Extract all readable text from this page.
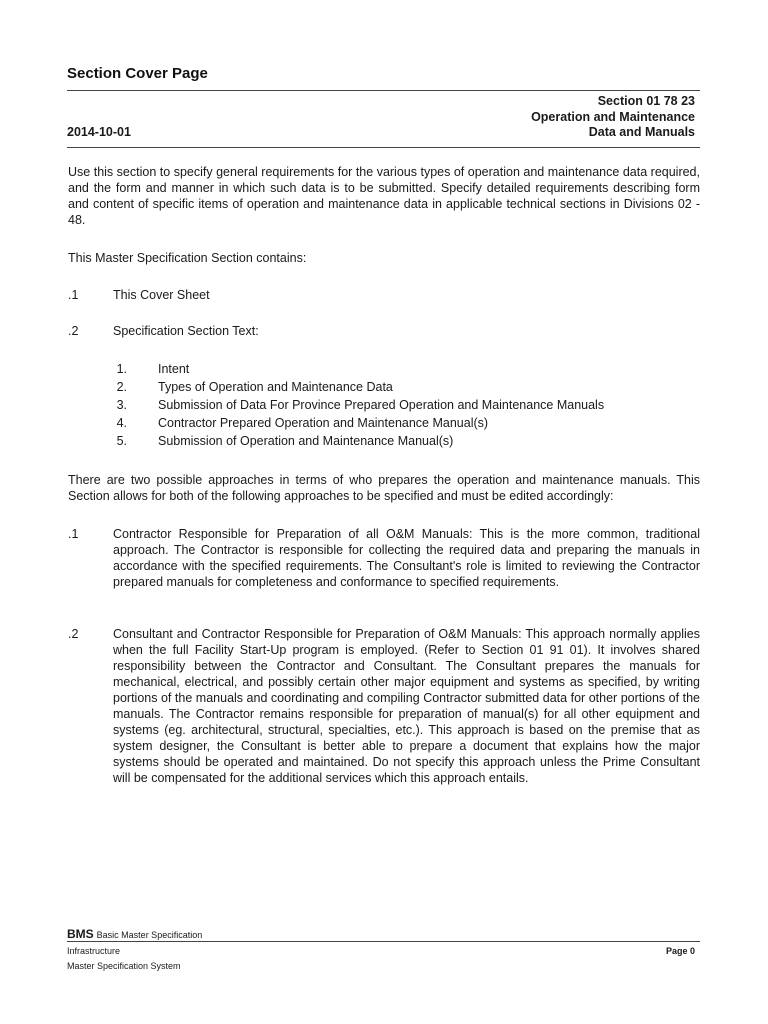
Section Cover Page
Section 01 78 23
Operation and Maintenance
Data and Manuals
2014-10-01
Use this section to specify general requirements for the various types of operation and maintenance data required, and the form and manner in which such data is to be submitted. Specify detailed requirements describing form and content of specific items of operation and maintenance data in applicable technical sections in Divisions 02 - 48.
This Master Specification Section contains:
.1	This Cover Sheet
.2	Specification Section Text:
1. Intent
2. Types of Operation and Maintenance Data
3. Submission of Data For Province Prepared Operation and Maintenance Manuals
4. Contractor Prepared Operation and Maintenance Manual(s)
5. Submission of Operation and Maintenance Manual(s)
There are two possible approaches in terms of who prepares the operation and maintenance manuals. This Section allows for both of the following approaches to be specified and must be edited accordingly:
.1	Contractor Responsible for Preparation of all O&M Manuals: This is the more common, traditional approach. The Contractor is responsible for collecting the required data and preparing the manuals in accordance with the specified requirements. The Consultant's role is limited to reviewing the Contractor prepared manuals for completeness and conformance to specified requirements.
.2	Consultant and Contractor Responsible for Preparation of O&M Manuals: This approach normally applies when the full Facility Start-Up program is employed. (Refer to Section 01 91 01). It involves shared responsibility between the Contractor and Consultant. The Consultant prepares the manuals for mechanical, electrical, and possibly certain other major equipment and systems as specified, by writing portions of the manuals and coordinating and compiling Contractor submitted data for other portions of the manuals. The Contractor remains responsible for preparation of manual(s) for all other equipment and systems (eg. architectural, structural, specialties, etc.). This approach is based on the premise that as system designer, the Consultant is better able to prepare a document that explains how the major systems should be operated and maintained. Do not specify this approach unless the Prime Consultant will be compensated for the additional services which this approach entails.
BMS Basic Master Specification
Infrastructure
Master Specification System
Page 0
